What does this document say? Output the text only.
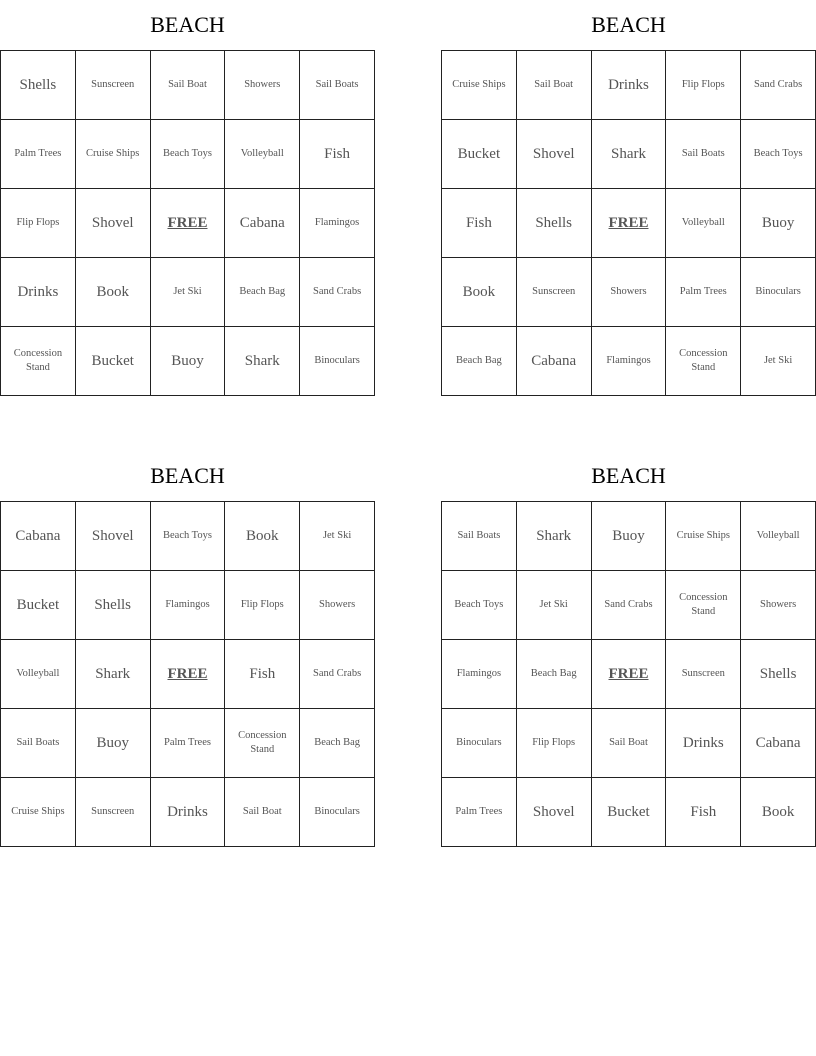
BEACH
Shells	Sunscreen	Sail Boat	Showers	Sail Boats
Palm Trees	Cruise Ships	Beach Toys	Volleyball	Fish
Flip Flops	Shovel	FREE	Cabana	Flamingos
Drinks	Book	Jet Ski	Beach Bag	Sand Crabs
Concession Stand	Bucket	Buoy	Shark	Binoculars
BEACH
Cruise Ships	Sail Boat	Drinks	Flip Flops	Sand Crabs
Bucket	Shovel	Shark	Sail Boats	Beach Toys
Fish	Shells	FREE	Volleyball	Buoy
Book	Sunscreen	Showers	Palm Trees	Binoculars
Beach Bag	Cabana	Flamingos	Concession Stand	Jet Ski
BEACH
Cabana	Shovel	Beach Toys	Book	Jet Ski
Bucket	Shells	Flamingos	Flip Flops	Showers
Volleyball	Shark	FREE	Fish	Sand Crabs
Sail Boats	Buoy	Palm Trees	Concession Stand	Beach Bag
Cruise Ships	Sunscreen	Drinks	Sail Boat	Binoculars
BEACH
Sail Boats	Shark	Buoy	Cruise Ships	Volleyball
Beach Toys	Jet Ski	Sand Crabs	Concession Stand	Showers
Flamingos	Beach Bag	FREE	Sunscreen	Shells
Binoculars	Flip Flops	Sail Boat	Drinks	Cabana
Palm Trees	Shovel	Bucket	Fish	Book
